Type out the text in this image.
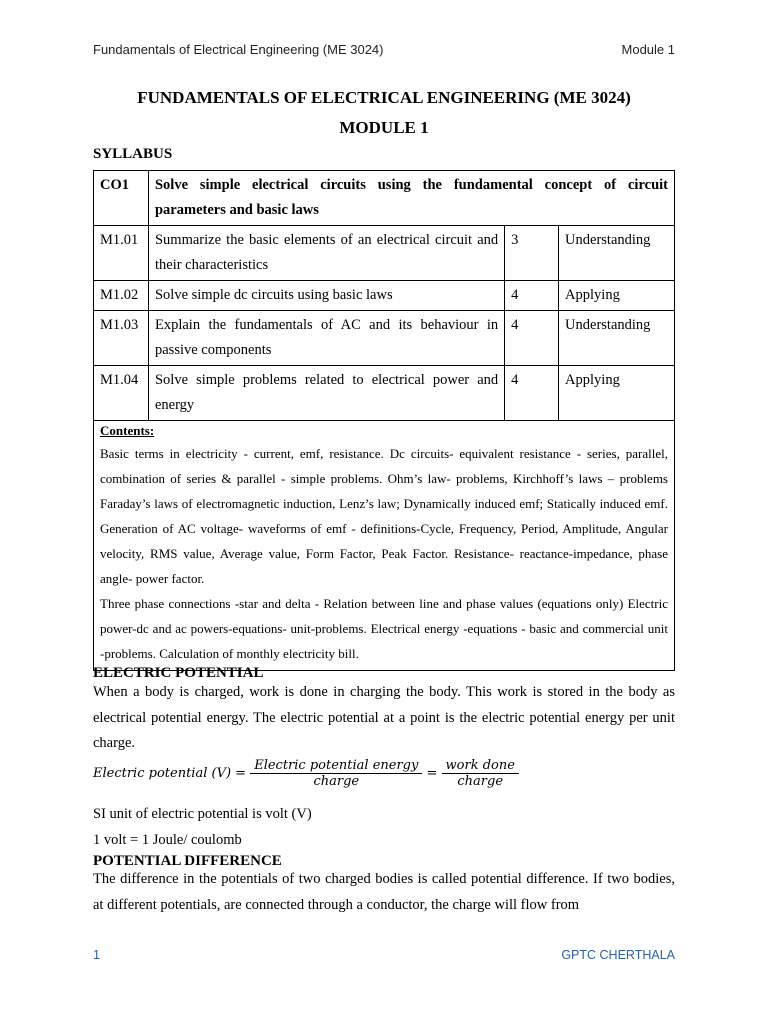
Fundamentals of Electrical Engineering (ME 3024)	Module 1
FUNDAMENTALS OF ELECTRICAL ENGINEERING (ME 3024)
MODULE 1
SYLLABUS
CO1	Solve simple electrical circuits using the fundamental concept of circuit parameters and basic laws		
M1.01	Summarize the basic elements of an electrical circuit and their characteristics	3	Understanding
M1.02	Solve simple dc circuits using basic laws	4	Applying
M1.03	Explain the fundamentals of AC and its behaviour in passive components	4	Understanding
M1.04	Solve simple problems related to electrical power and energy	4	Applying

Contents:
Basic terms in electricity - current, emf, resistance. Dc circuits- equivalent resistance - series, parallel, combination of series & parallel - simple problems. Ohm’s law- problems, Kirchhoff’s laws – problems Faraday’s laws of electromagnetic induction, Lenz’s law; Dynamically induced emf; Statically induced emf. Generation of AC voltage- waveforms of emf - definitions-Cycle, Frequency, Period, Amplitude, Angular velocity, RMS value, Average value, Form Factor, Peak Factor. Resistance- reactance-impedance, phase angle- power factor.
Three phase connections -star and delta - Relation between line and phase values (equations only) Electric power-dc and ac powers-equations- unit-problems. Electrical energy -equations - basic and commercial unit -problems. Calculation of monthly electricity bill.			
ELECTRIC POTENTIAL
When a body is charged, work is done in charging the body. This work is stored in the body as electrical potential energy. The electric potential at a point is the electric potential energy per unit charge.
Electric potential $(V) = \frac{\text{Electric potential energy}}{\text{charge}} = \frac{\text{work done}}{\text{charge}}$
SI unit of electric potential is volt (V)
1 volt = 1 Joule/ coulomb
POTENTIAL DIFFERENCE
The difference in the potentials of two charged bodies is called potential difference. If two bodies, at different potentials, are connected through a conductor, the charge will flow from
1	GPTC CHERTHALA
